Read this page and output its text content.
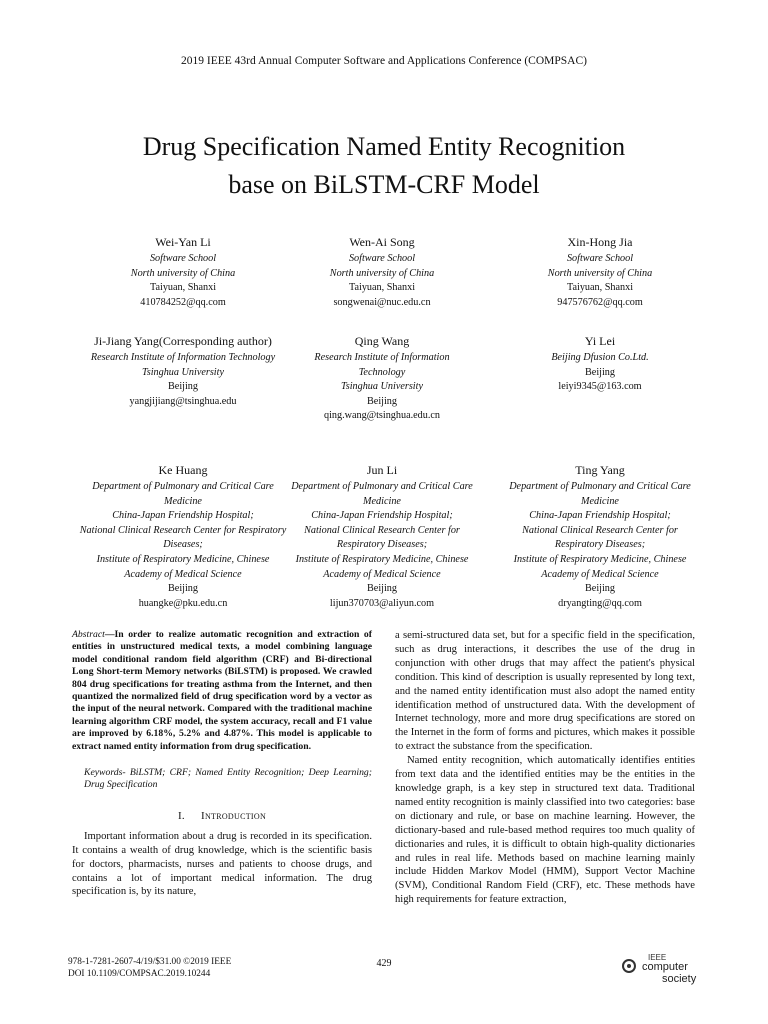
2019 IEEE 43rd Annual Computer Software and Applications Conference (COMPSAC)
Drug Specification Named Entity Recognition
base on BiLSTM-CRF Model
Wei-Yan Li
Software School
North university of China
Taiyuan, Shanxi
410784252@qq.com
Wen-Ai Song
Software School
North university of China
Taiyuan, Shanxi
songwenai@nuc.edu.cn
Xin-Hong Jia
Software School
North university of China
Taiyuan, Shanxi
947576762@qq.com
Ji-Jiang Yang(Corresponding author)
Research Institute of Information Technology
Tsinghua University
Beijing
yangjijiang@tsinghua.edu
Qing Wang
Research Institute of Information Technology
Tsinghua University
Beijing
qing.wang@tsinghua.edu.cn
Yi Lei
Beijing Dfusion Co.Ltd.
Beijing
leiyi9345@163.com
Ke Huang
Department of Pulmonary and Critical Care Medicine
China-Japan Friendship Hospital;
National Clinical Research Center for Respiratory Diseases;
Institute of Respiratory Medicine, Chinese Academy of Medical Science
Beijing
huangke@pku.edu.cn
Jun Li
Department of Pulmonary and Critical Care Medicine
China-Japan Friendship Hospital;
National Clinical Research Center for Respiratory Diseases;
Institute of Respiratory Medicine, Chinese Academy of Medical Science
Beijing
lijun370703@aliyun.com
Ting Yang
Department of Pulmonary and Critical Care Medicine
China-Japan Friendship Hospital;
National Clinical Research Center for Respiratory Diseases;
Institute of Respiratory Medicine, Chinese Academy of Medical Science
Beijing
dryangting@qq.com
Abstract—In order to realize automatic recognition and extraction of entities in unstructured medical texts, a model combining language model conditional random field algorithm (CRF) and Bi-directional Long Short-term Memory networks (BiLSTM) is proposed. We crawled 804 drug specifications for treating asthma from the Internet, and then quantized the normalized field of drug specification word by a vector as the input of the neural network. Compared with the traditional machine learning algorithm CRF model, the system accuracy, recall and F1 value are improved by 6.18%, 5.2% and 4.87%. This model is applicable to extract named entity information from drug specification.
Keywords- BiLSTM; CRF; Named Entity Recognition; Deep Learning; Drug Specification
I. Introduction

Important information about a drug is recorded in its specification. It contains a wealth of drug knowledge, which is the scientific basis for doctors, pharmacists, nurses and patients to choose drugs, and contains a lot of important medical information. The drug specification is, by its nature,

a semi-structured data set, but for a specific field in the specification, such as drug interactions, it describes the use of the drug in conjunction with other drugs that may affect the patient's physical condition. This kind of description is usually represented by long text, and the named entity identification must also adopt the named entity identification method of unstructured data. With the development of Internet technology, more and more drug specifications are stored on the Internet in the form of forms and pictures, which makes it possible to extract the substance from the specification.

Named entity recognition, which automatically identifies entities from text data and the identified entities may be the entities in the knowledge graph, is a key step in structured text data. Traditional named entity recognition is mainly classified into two categories: base on dictionary and rule, or base on machine learning. However, the dictionary-based and rule-based method requires too much quality of dictionaries and rules, it is difficult to obtain high-quality dictionaries and rules in real life. Methods based on machine learning mainly include Hidden Markov Model (HMM), Support Vector Machine (SVM), Conditional Random Field (CRF), etc. These methods have high requirements for feature extraction,

978-1-7281-2607-4/19/$31.00 ©2019 IEEE
DOI 10.1109/COMPSAC.2019.10244
429
IEEE
computer
society
